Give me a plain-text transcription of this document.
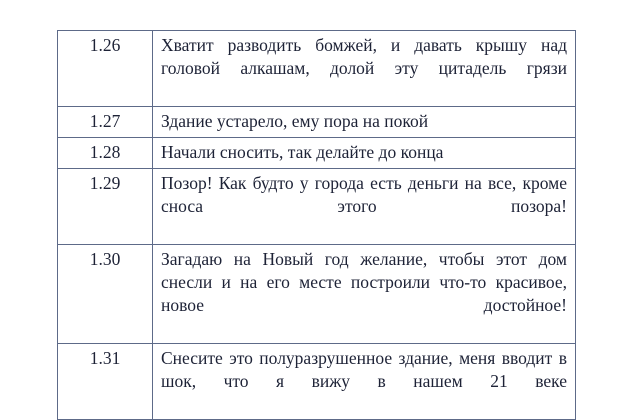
1.26	Хватит разводить бомжей, и давать крышу над головой алкашам, долой эту цитадель грязи

1.27	Здание устарело, ему пора на покой

1.28	Начали сносить, так делайте до конца

1.29	Позор! Как будто у города есть деньги на все, кроме сноса этого позора!

1.30	Загадаю на Новый год желание, чтобы этот дом снесли и на его месте построили что-то красивое, новое достойное!

1.31	Снесите это полуразрушенное здание, меня вводит в шок, что я вижу в нашем 21 веке
